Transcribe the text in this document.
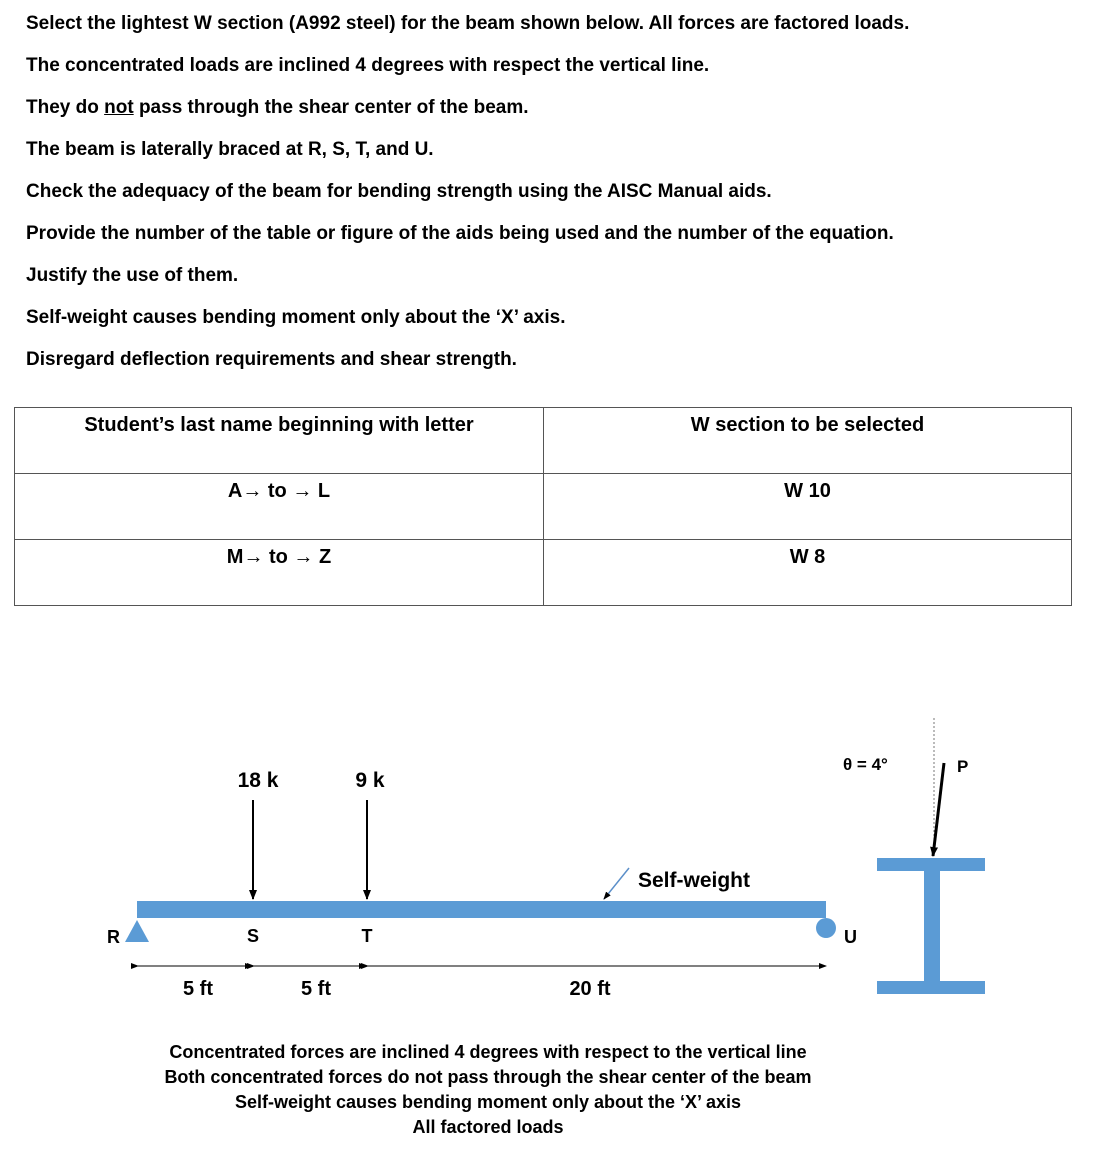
Select the lightest W section (A992 steel) for the beam shown below. All forces are factored loads.
The concentrated loads are inclined 4 degrees with respect the vertical line.
They do not pass through the shear center of the beam.
The beam is laterally braced at R, S, T, and U.
Check the adequacy of the beam for bending strength using the AISC Manual aids.
Provide the number of the table or figure of the aids being used and the number of the equation.
Justify the use of them.
Self-weight causes bending moment only about the ‘X’ axis.
Disregard deflection requirements and shear strength.
Student’s last name beginning with letter	W section to be selected
A→ to → L	W 10
M→ to → Z	W 8
18 k	9 k
Self-weight
R	U
S	T
5 ft	5 ft	20 ft
θ = 4°	P
Concentrated forces are inclined 4 degrees with respect to the vertical line
Both concentrated forces do not pass through the shear center of the beam
Self-weight causes bending moment only about the ‘X’ axis
All factored loads
